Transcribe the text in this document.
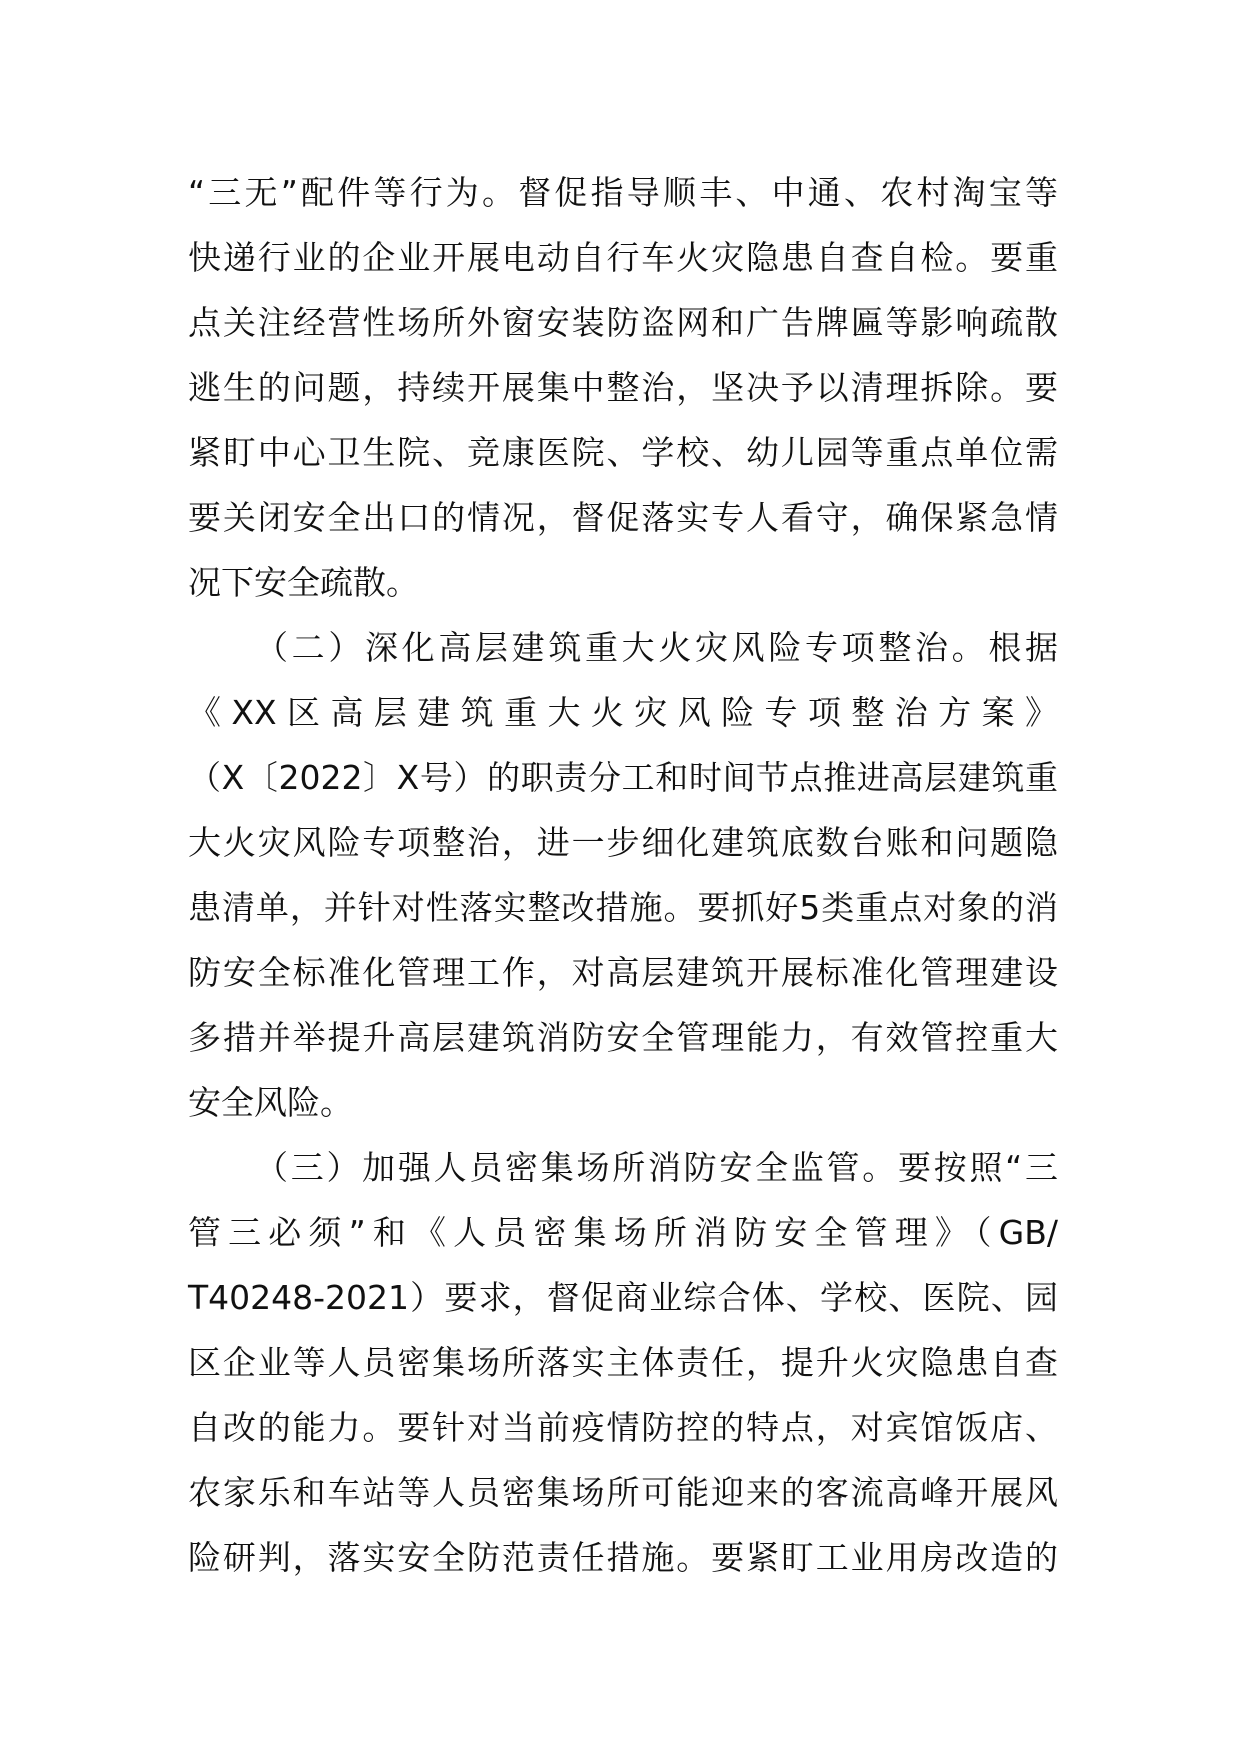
“三无”配件等行为。督促指导顺丰、中通、农村淘宝等
快递行业的企业开展电动自行车火灾隐患自查自检。要重
点关注经营性场所外窗安装防盗网和广告牌匾等影响疏散
逃生的问题，持续开展集中整治，坚决予以清理拆除。要
紧盯中心卫生院、竞康医院、学校、幼儿园等重点单位需
要关闭安全出口的情况，督促落实专人看守，确保紧急情
况下安全疏散。
（二）深化高层建筑重大火灾风险专项整治。根据
《XX区高层建筑重大火灾风险专项整治方案》
（X〔2022〕X号）的职责分工和时间节点推进高层建筑重
大火灾风险专项整治，进一步细化建筑底数台账和问题隐
患清单，并针对性落实整改措施。要抓好5类重点对象的消
防安全标准化管理工作，对高层建筑开展标准化管理建设
多措并举提升高层建筑消防安全管理能力，有效管控重大
安全风险。
（三）加强人员密集场所消防安全监管。要按照“三
管三必须”和《人员密集场所消防安全管理》（GB/
T40248-2021）要求，督促商业综合体、学校、医院、园
区企业等人员密集场所落实主体责任，提升火灾隐患自查
自改的能力。要针对当前疫情防控的特点，对宾馆饭店、
农家乐和车站等人员密集场所可能迎来的客流高峰开展风
险研判，落实安全防范责任措施。要紧盯工业用房改造的
